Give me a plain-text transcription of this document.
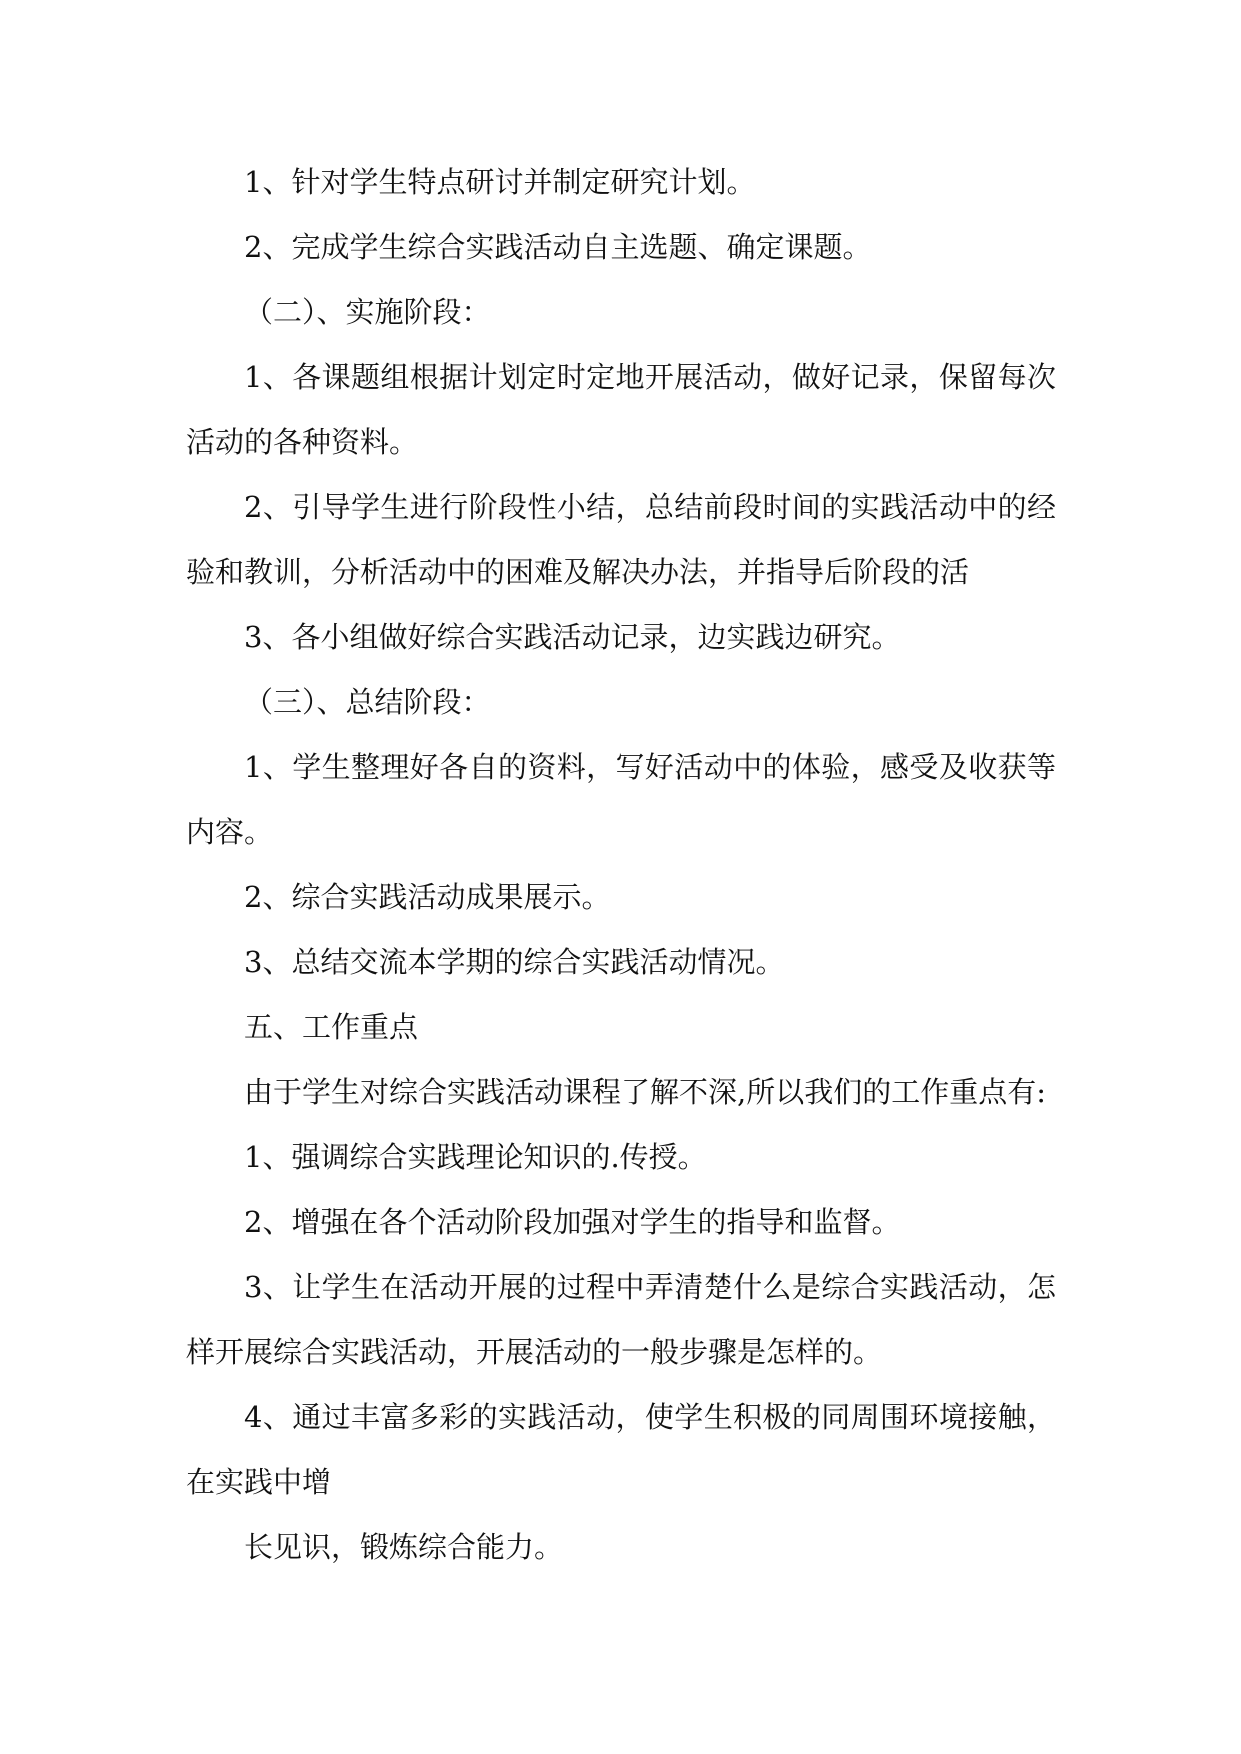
1、针对学生特点研讨并制定研究计划。
2、完成学生综合实践活动自主选题、确定课题。
（二）、实施阶段：
1、各课题组根据计划定时定地开展活动，做好记录，保留每次
活动的各种资料。
2、引导学生进行阶段性小结，总结前段时间的实践活动中的经
验和教训，分析活动中的困难及解决办法，并指导后阶段的活
3、各小组做好综合实践活动记录，边实践边研究。
（三）、总结阶段：
1、学生整理好各自的资料，写好活动中的体验，感受及收获等
内容。
2、综合实践活动成果展示。
3、总结交流本学期的综合实践活动情况。
五、工作重点
由于学生对综合实践活动课程了解不深,所以我们的工作重点有:
1、强调综合实践理论知识的.传授。
2、增强在各个活动阶段加强对学生的指导和监督。
3、让学生在活动开展的过程中弄清楚什么是综合实践活动，怎
样开展综合实践活动，开展活动的一般步骤是怎样的。
4、通过丰富多彩的实践活动，使学生积极的同周围环境接触，
在实践中增
长见识，锻炼综合能力。
